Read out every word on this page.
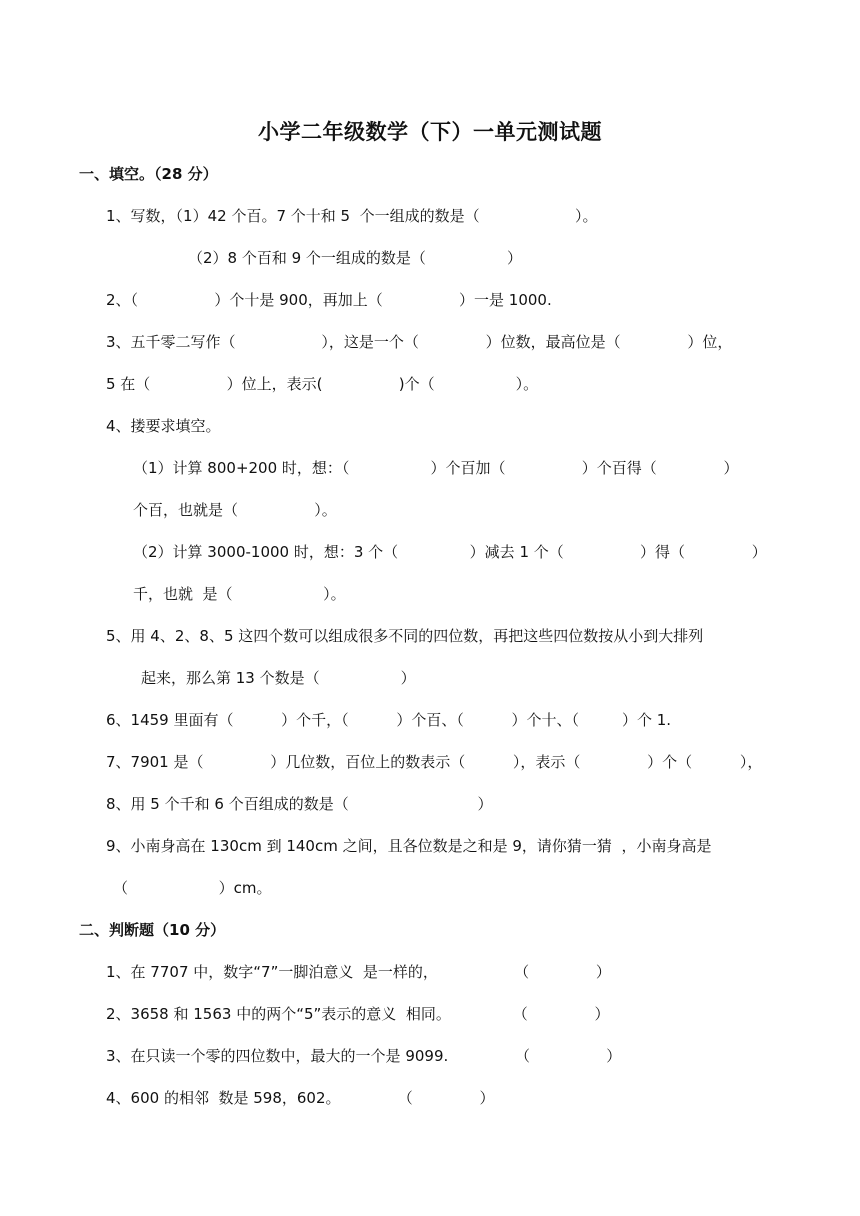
小学二年级数学（下）一单元测试题
一、填空。（28 分）
1、写数，（1）42 个百。7 个十和 5  个一组成的数是（                    ）。
（2）8 个百和 9 个一组成的数是（                 ）
2、（                ）个十是 900，再加上（                ）一是 1000.
3、五千零二写作（                  ），这是一个（              ）位数，最高位是（              ）位，
5 在（                ）位上，表示(                )个（                 ）。
4、搂要求填空。
（1）计算 800+200 时，想：（                 ）个百加（                ）个百得（              ）
个百，也就是（                ）。
（2）计算 3000-1000 时，想：3 个（               ）减去 1 个（                ）得（              ）
千，也就  是（                   ）。
5、用 4、2、8、5 这四个数可以组成很多不同的四位数，再把这些四位数按从小到大排列
起来，那么第 13 个数是（                 ）
6、1459 里面有（          ）个千，（          ）个百、（          ）个十、（         ）个 1.
7、7901 是（              ）几位数，百位上的数表示（          ），表示（              ）个（          ），
8、用 5 个千和 6 个百组成的数是（                           ）
9、小南身高在 130cm 到 140cm 之间，且各位数是之和是 9，请你猜一猜  ，小南身高是
（                   ）cm。
二、判断题（10 分）
1、在 7707 中，数字“7”一脚泊意义  是一样的，                （              ）
2、3658 和 1563 中的两个“5”表示的意义  相同。             （              ）
3、在只读一个零的四位数中，最大的一个是 9099.              （                ）
4、600 的相邻  数是 598，602。            （              ）
